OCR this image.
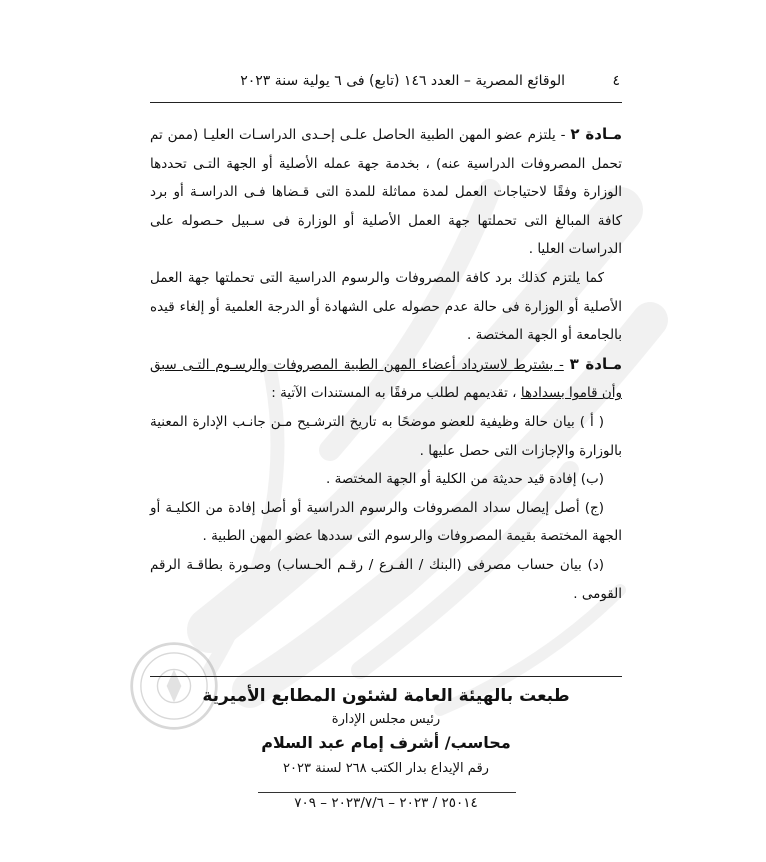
٤
الوقائع المصرية – العدد ١٤٦ (تابع) فى ٦ يولية سنة ٢٠٢٣

مـادة ٢ - يلتزم عضو المهن الطبية الحاصل علـى إحـدى الدراسـات العليـا (ممن تم تحمل المصروفات الدراسية عنه) ، بخدمة جهة عمله الأصلية أو الجهة التـى تحددها الوزارة وفقًا لاحتياجات العمل لمدة مماثلة للمدة التى قـضاها فـى الدراسـة أو برد كافة المبالغ التى تحملتها جهة العمل الأصلية أو الوزارة فى سـبيل حـصوله على الدراسات العليا .

كما يلتزم كذلك برد كافة المصروفات والرسوم الدراسية التى تحملتها جهة العمل الأصلية أو الوزارة فى حالة عدم حصوله على الشهادة أو الدرجة العلمية أو إلغاء قيده بالجامعة أو الجهة المختصة .

مـادة ٣ - يشترط لاسترداد أعضاء المهن الطبية المصروفات والرسـوم التـى سبق وأن قاموا بسدادها ، تقديمهم لطلب مرفقًا به المستندات الآتية :

( أ ) بيان حالة وظيفية للعضو موضحًا به تاريخ الترشـيح مـن جانـب الإدارة المعنية بالوزارة والإجازات التى حصل عليها .

(ب) إفادة قيد حديثة من الكلية أو الجهة المختصة .

(ج) أصل إيصال سداد المصروفات والرسوم الدراسية أو أصل إفادة من الكليـة أو الجهة المختصة بقيمة المصروفات والرسوم التى سددها عضو المهن الطبية .

(د) بيان حساب مصرفى (البنك / الفـرع / رقـم الحـساب) وصـورة بطاقـة الرقم القومى .

طبعت بالهيئة العامة لشئون المطابع الأميرية
رئيس مجلس الإدارة
محاسب/ أشرف إمام عبد السلام
رقم الإيداع بدار الكتب ٢٦٨ لسنة ٢٠٢٣
٢٥٠١٤ / ٢٠٢٣ – ٢٠٢٣/٧/٦ – ٧٠٩
